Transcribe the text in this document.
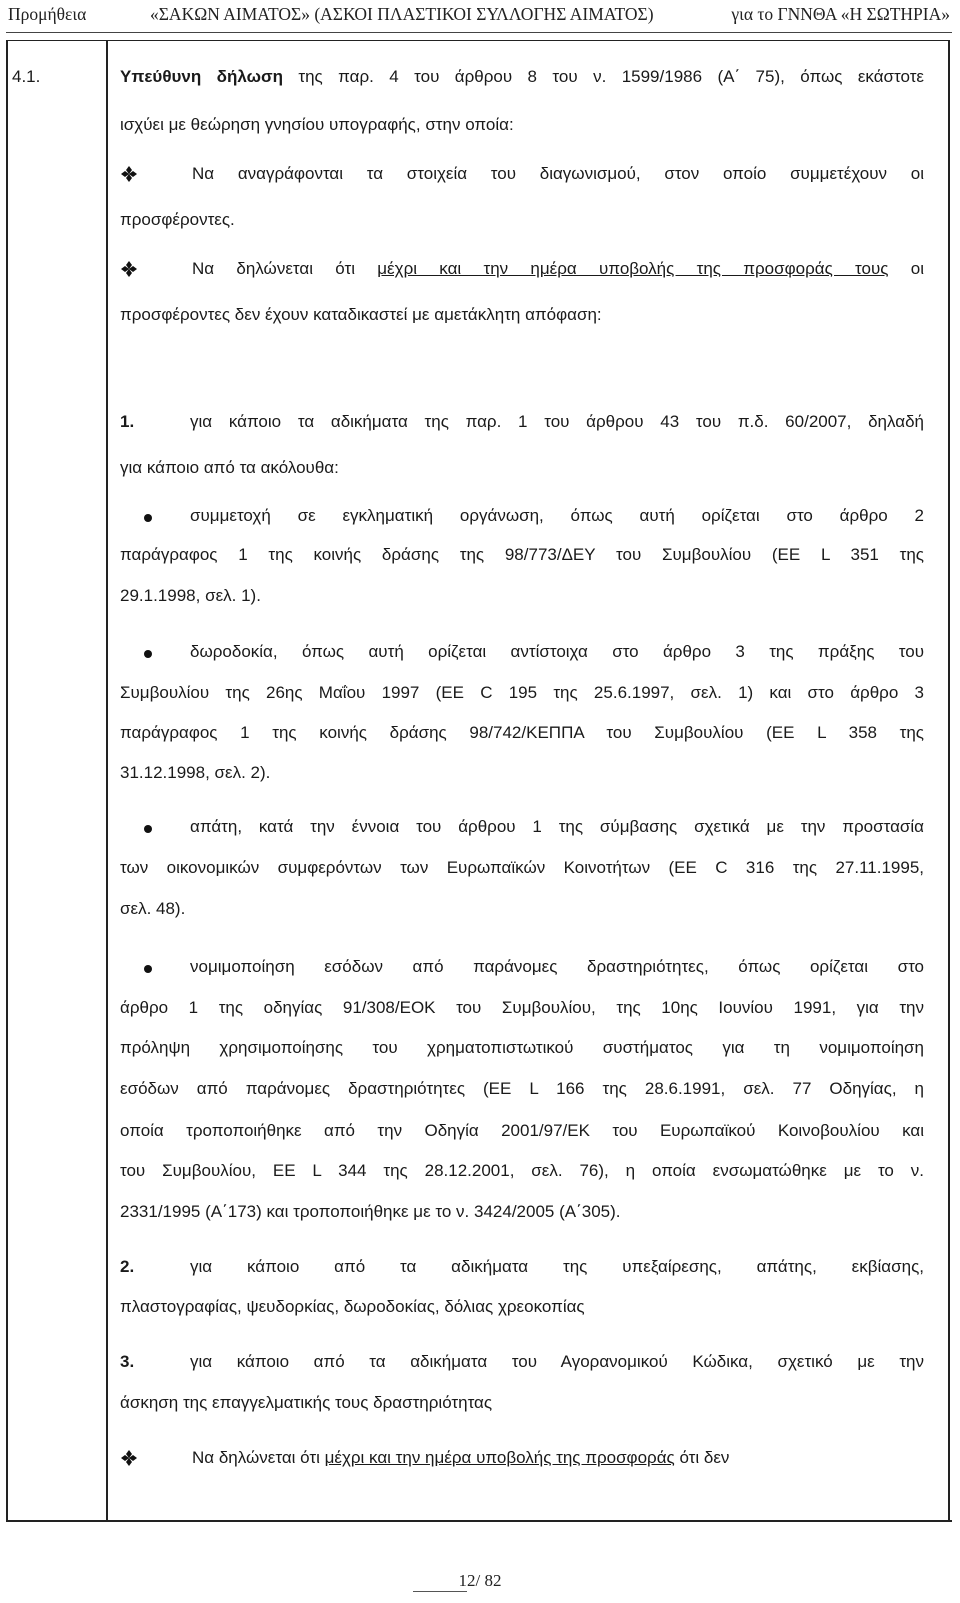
Προμήθεια	«ΣΑΚΩΝ ΑΙΜΑΤΟΣ» (ΑΣΚΟΙ ΠΛΑΣΤΙΚΟΙ ΣΥΛΛΟΓΗΣ ΑΙΜΑΤΟΣ)	για το ΓΝΝΘΑ «Η ΣΩΤΗΡΙΑ»
4.1.	Υπεύθυνη δήλωση της παρ. 4 του άρθρου 8 του ν. 1599/1986 (Α΄ 75), όπως εκάστοτε
ισχύει με θεώρηση γνησίου υπογραφής, στην οποία:
Να αναγράφονται τα στοιχεία του διαγωνισμού, στον οποίο συμμετέχουν οι
προσφέροντες.
Να δηλώνεται ότι μέχρι και την ημέρα υποβολής της προσφοράς τους οι
προσφέροντες δεν έχουν καταδικαστεί με αμετάκλητη απόφαση:
1.	για κάποιο τα αδικήματα της παρ. 1 του άρθρου 43 του π.δ. 60/2007, δηλαδή
για κάποιο από τα ακόλουθα:
συμμετοχή σε εγκληματική οργάνωση, όπως αυτή ορίζεται στο άρθρο 2
παράγραφος 1 της κοινής δράσης της 98/773/ΔΕΥ του Συμβουλίου (ΕΕ L 351 της
29.1.1998, σελ. 1).
δωροδοκία, όπως αυτή ορίζεται αντίστοιχα στο άρθρο 3 της πράξης του
Συμβουλίου της 26ης Μαΐου 1997 (ΕΕ C 195 της 25.6.1997, σελ. 1) και στο άρθρο 3
παράγραφος 1 της κοινής δράσης 98/742/ΚΕΠΠΑ του Συμβουλίου (ΕΕ L 358 της
31.12.1998, σελ. 2).
απάτη, κατά την έννοια του άρθρου 1 της σύμβασης σχετικά με την προστασία
των οικονομικών συμφερόντων των Ευρωπαϊκών Κοινοτήτων (ΕΕ C 316 της 27.11.1995,
σελ. 48).
νομιμοποίηση εσόδων από παράνομες δραστηριότητες, όπως ορίζεται στο
άρθρο 1 της οδηγίας 91/308/ΕΟΚ του Συμβουλίου, της 10ης Ιουνίου 1991, για την
πρόληψη χρησιμοποίησης του χρηματοπιστωτικού συστήματος για τη νομιμοποίηση
εσόδων από παράνομες δραστηριότητες (ΕΕ L 166 της 28.6.1991, σελ. 77 Οδηγίας, η
οποία τροποποιήθηκε από την Οδηγία 2001/97/ΕΚ του Ευρωπαϊκού Κοινοβουλίου και
του Συμβουλίου, ΕΕ L 344 της 28.12.2001, σελ. 76), η οποία ενσωματώθηκε με το ν.
2331/1995 (Α΄173) και τροποποιήθηκε με το ν. 3424/2005 (Α΄305).
2.	για κάποιο από τα αδικήματα της υπεξαίρεσης, απάτης, εκβίασης,
πλαστογραφίας, ψευδορκίας, δωροδοκίας, δόλιας χρεοκοπίας
3.	για κάποιο από τα αδικήματα του Αγορανομικού Κώδικα, σχετικό με την
άσκηση της επαγγελματικής τους δραστηριότητας
Να δηλώνεται ότι μέχρι και την ημέρα υποβολής της προσφοράς ότι δεν
12/ 82
